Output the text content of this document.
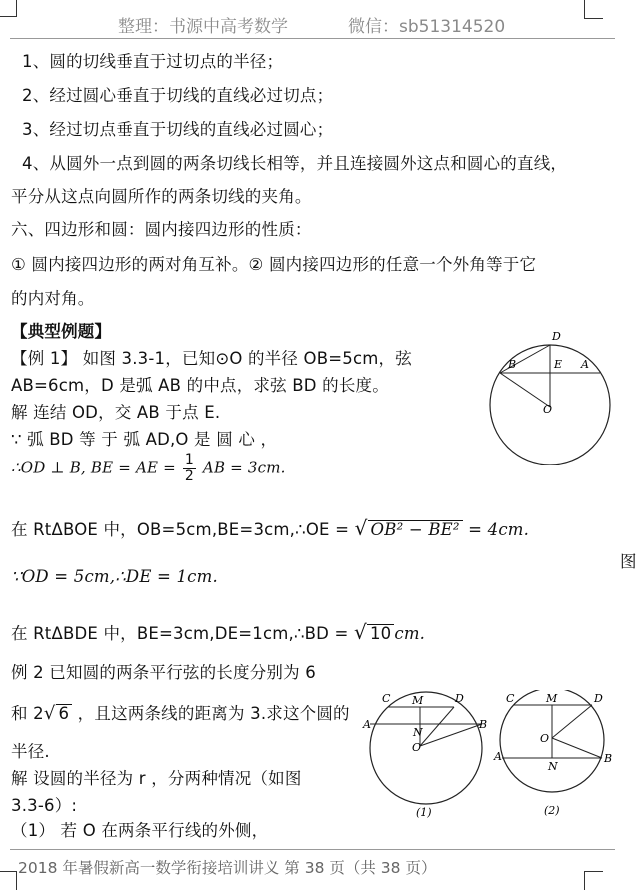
整理：书源中高考数学	微信：sb51314520
1、圆的切线垂直于过切点的半径；
2、经过圆心垂直于切线的直线必过切点；
3、经过切点垂直于切线的直线必过圆心；
4、从圆外一点到圆的两条切线长相等，并且连接圆外这点和圆心的直线，
平分从这点向圆所作的两条切线的夹角。
六、四边形和圆：圆内接四边形的性质：
① 圆内接四边形的两对角互补。② 圆内接四边形的任意一个外角等于它
的内对角。
【典型例题】
【例 1】 如图 3.3-1，已知⊙O 的半径 OB=5cm，弦
AB=6cm，D 是弧 AB 的中点，求弦 BD 的长度。
解 连结 OD，交 AB 于点 E.
∵ 弧 BD 等 于 弧 AD,O 是 圆 心 ，
∴OD ⊥ B, BE = AE = $\frac{1}{2}$ AB = 3cm.
在 RtΔBOE 中，OB=5cm,BE=3cm,∴OE = √ OB² − BE² = 4cm.
图
∵OD = 5cm,∴DE = 1cm.
在 RtΔBDE 中，BE=3cm,DE=1cm,∴BD = √ 10 cm.
例 2 已知圆的两条平行弦的长度分别为 6
和 2√ 6 ，且这两条线的距离为 3.求这个圆的
半径.
解 设圆的半径为 r ，分两种情况（如图
3.3-6）:
（1） 若 O 在两条平行线的外侧，
2018 年暑假新高一数学衔接培训讲义 第 38 页（共 38 页）
D
B	E A
O
C M	D
A
N
B
O
(1)
C	M	D
O
A
N
B
(2)
